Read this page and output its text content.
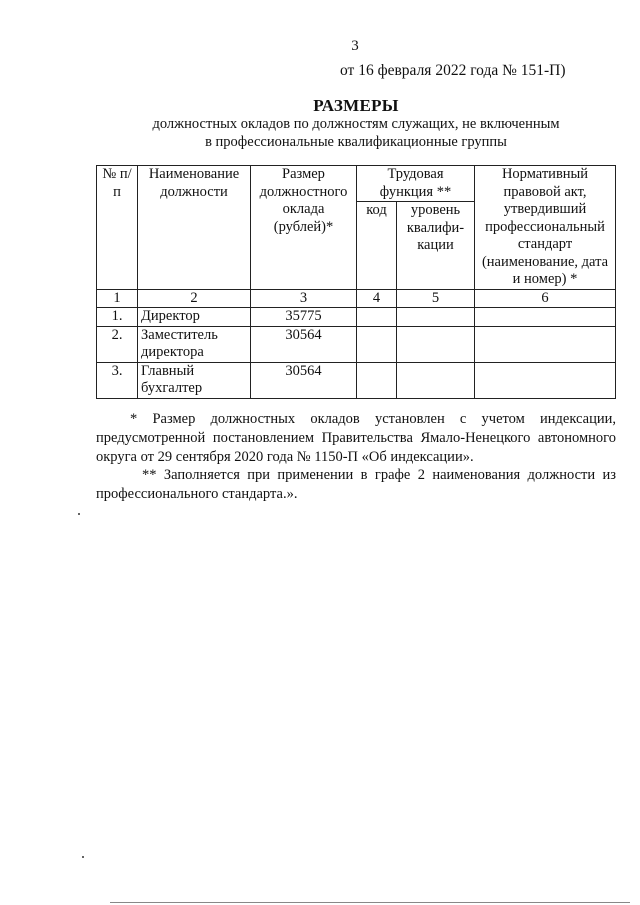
3
от 16 февраля 2022 года № 151-П)
РАЗМЕРЫ
должностных окладов по должностям служащих, не включенным
в профессиональные квалификационные группы
№ п/п	Наименование должности	Размер должностного оклада (рублей)*	Трудовая функция **		Нормативный правовой акт, утвердивший профессиональный стандарт (наименование, дата и номер) *
			код	уровень квалифи-кации	
1	2	3	4	5	6
1.	Директор	35775			
2.	Заместитель директора	30564			
3.	Главный бухгалтер	30564			
* Размер должностных окладов установлен с учетом индексации, предусмотренной постановлением Правительства Ямало-Ненецкого автономного округа от 29 сентября 2020 года № 1150-П «Об индексации».
** Заполняется при применении в графе 2 наименования должности из профессионального стандарта.».
